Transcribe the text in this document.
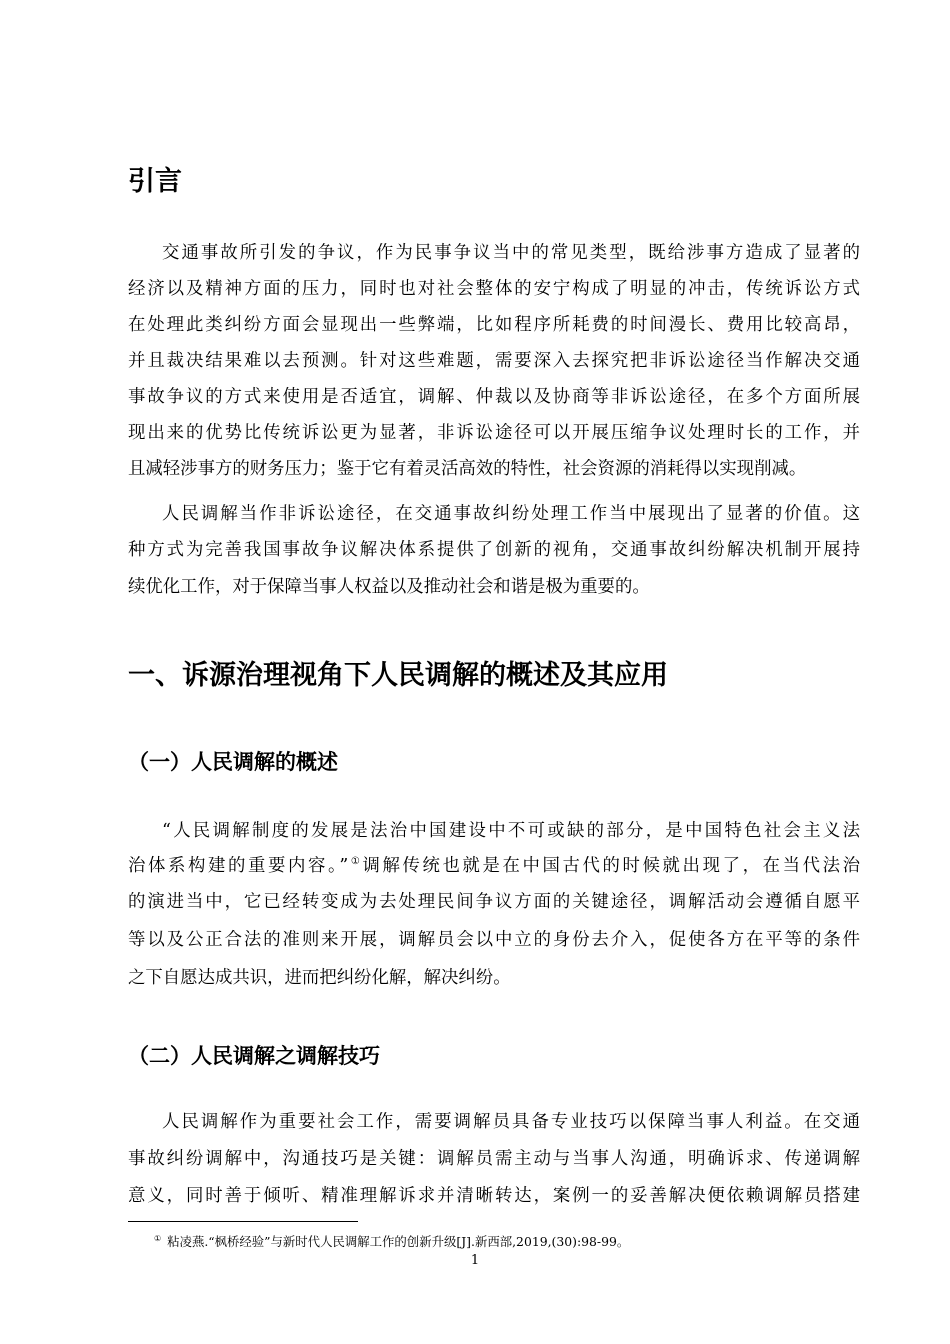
引言

交通事故所引发的争议，作为民事争议当中的常见类型，既给涉事方造成了显著的

经济以及精神方面的压力，同时也对社会整体的安宁构成了明显的冲击，传统诉讼方式

在处理此类纠纷方面会显现出一些弊端，比如程序所耗费的时间漫长、费用比较高昂，

并且裁决结果难以去预测。针对这些难题，需要深入去探究把非诉讼途径当作解决交通

事故争议的方式来使用是否适宜，调解、仲裁以及协商等非诉讼途径，在多个方面所展

现出来的优势比传统诉讼更为显著，非诉讼途径可以开展压缩争议处理时长的工作，并

且减轻涉事方的财务压力；鉴于它有着灵活高效的特性，社会资源的消耗得以实现削减。

人民调解当作非诉讼途径，在交通事故纠纷处理工作当中展现出了显著的价值。这

种方式为完善我国事故争议解决体系提供了创新的视角，交通事故纠纷解决机制开展持

续优化工作，对于保障当事人权益以及推动社会和谐是极为重要的。

一、诉源治理视角下人民调解的概述及其应用
（一）人民调解的概述

“人民调解制度的发展是法治中国建设中不可或缺的部分，是中国特色社会主义法

治体系构建的重要内容。”①调解传统也就是在中国古代的时候就出现了，在当代法治

的演进当中，它已经转变成为去处理民间争议方面的关键途径，调解活动会遵循自愿平

等以及公正合法的准则来开展，调解员会以中立的身份去介入，促使各方在平等的条件

之下自愿达成共识，进而把纠纷化解，解决纠纷。

（二）人民调解之调解技巧

人民调解作为重要社会工作，需要调解员具备专业技巧以保障当事人利益。在交通

事故纠纷调解中，沟通技巧是关键：调解员需主动与当事人沟通，明确诉求、传递调解

意义，同时善于倾听、精准理解诉求并清晰转达，案例一的妥善解决便依赖调解员搭建

① 粘凌燕.“枫桥经验”与新时代人民调解工作的创新升级[J].新西部,2019,(30):98-99。
1
